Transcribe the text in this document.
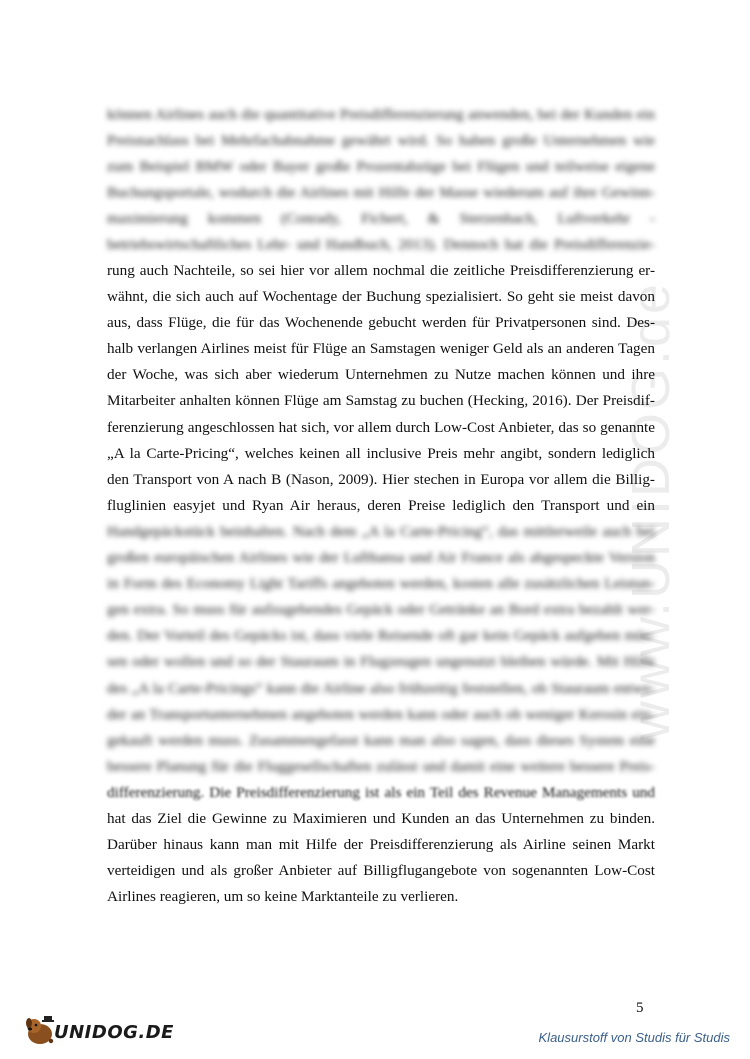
www.UNIDOG.de
können Airlines auch die quantitative Preisdifferenzierung anwenden, bei der Kunden ein
Preisnachlass bei Mehrfachabnahme gewährt wird. So haben große Unternehmen wie
zum Beispiel BMW oder Bayer große Prozentabzüge bei Flügen und teilweise eigene
Buchungsportale, wodurch die Airlines mit Hilfe der Masse wiederum auf ihre Gewinn-
maximierung kommen (Conrady, Fichert, & Sterzenbach, Luftverkehr -
betriebswirtschaftliches Lehr- und Handbuch, 2013). Dennoch hat die Preisdifferenzie-
rung auch Nachteile, so sei hier vor allem nochmal die zeitliche Preisdifferenzierung er-
wähnt, die sich auch auf Wochentage der Buchung spezialisiert. So geht sie meist davon
aus, dass Flüge, die für das Wochenende gebucht werden für Privatpersonen sind. Des-
halb verlangen Airlines meist für Flüge an Samstagen weniger Geld als an anderen Tagen
der Woche, was sich aber wiederum Unternehmen zu Nutze machen können und ihre
Mitarbeiter anhalten können Flüge am Samstag zu buchen (Hecking, 2016). Der Preisdif-
ferenzierung angeschlossen hat sich, vor allem durch Low-Cost Anbieter, das so genannte
„A la Carte-Pricing“, welches keinen all inclusive Preis mehr angibt, sondern lediglich
den Transport von A nach B (Nason, 2009). Hier stechen in Europa vor allem die Billig-
fluglinien easyjet und Ryan Air heraus, deren Preise lediglich den Transport und ein
Handgepäckstück beinhalten. Nach dem „A la Carte-Pricing“, das mittlerweile auch bei
großen europäischen Airlines wie der Lufthansa und Air France als abgespeckte Version
in Form des Economy Light Tariffs angeboten werden, kosten alle zusätzlichen Leistun-
gen extra. So muss für aufzugebendes Gepäck oder Getränke an Bord extra bezahlt wer-
den. Der Vorteil des Gepäcks ist, dass viele Reisende oft gar kein Gepäck aufgeben müs-
sen oder wollen und so der Stauraum in Flugzeugen ungenutzt bleiben würde. Mit Hilfe
des „A la Carte-Pricings“ kann die Airline also frühzeitig feststellen, ob Stauraum entwe-
der an Transportunternehmen angeboten werden kann oder auch ob weniger Kerosin ein-
gekauft werden muss. Zusammengefasst kann man also sagen, dass dieses System eine
bessere Planung für die Fluggesellschaften zulässt und damit eine weitere bessere Preis-
differenzierung. Die Preisdifferenzierung ist als ein Teil des Revenue Managements und
hat das Ziel die Gewinne zu Maximieren und Kunden an das Unternehmen zu binden.
Darüber hinaus kann man mit Hilfe der Preisdifferenzierung als Airline seinen Markt
verteidigen und als großer Anbieter auf Billigflugangebote von sogenannten Low-Cost
Airlines reagieren, um so keine Marktanteile zu verlieren.
5
UNIDOG.DE	Klausurstoff von Studis für Studis
